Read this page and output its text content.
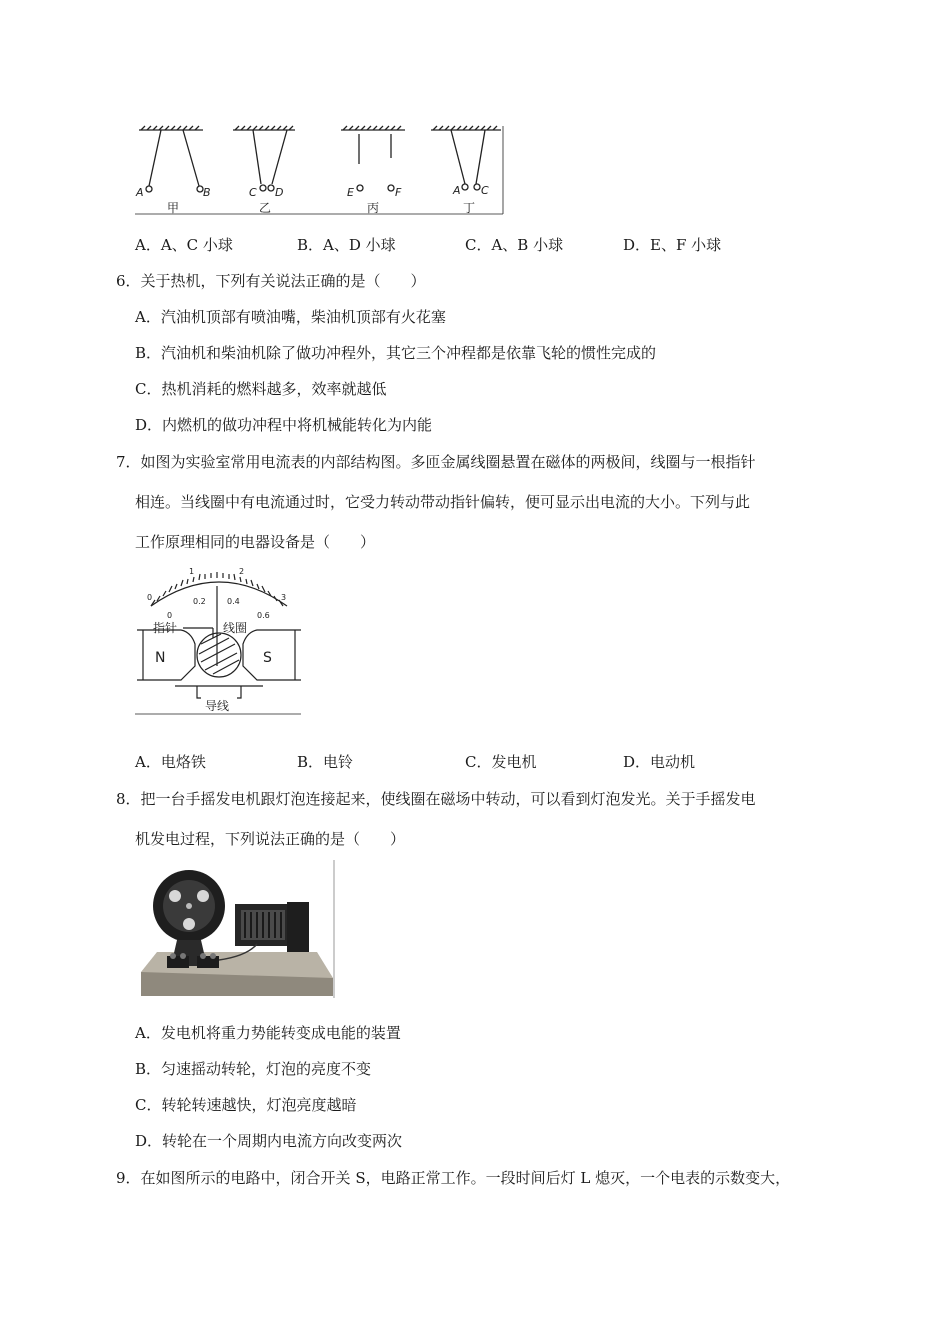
A	B	C D	E	F	A C
甲	乙	丙	丁
A．A、C 小球	B．A、D 小球	C．A、B 小球	D．E、F 小球
6．关于热机，下列有关说法正确的是（　　）
A．汽油机顶部有喷油嘴，柴油机顶部有火花塞
B．汽油机和柴油机除了做功冲程外，其它三个冲程都是依靠飞轮的惯性完成的
C．热机消耗的燃料越多，效率就越低
D．内燃机的做功冲程中将机械能转化为内能
7．如图为实验室常用电流表的内部结构图。多匝金属线圈悬置在磁体的两极间，线圈与一根指针
相连。当线圈中有电流通过时，它受力转动带动指针偏转，便可显示出电流的大小。下列与此
工作原理相同的电器设备是（　　）
0
1	2
3
0
0.2	0.4
0.6
指针	线圈
N	S
导线
A．电烙铁	B．电铃	C．发电机	D．电动机
8．把一台手摇发电机跟灯泡连接起来，使线圈在磁场中转动，可以看到灯泡发光。关于手摇发电
机发电过程，下列说法正确的是（　　）
A．发电机将重力势能转变成电能的装置
B．匀速摇动转轮，灯泡的亮度不变
C．转轮转速越快，灯泡亮度越暗
D．转轮在一个周期内电流方向改变两次
9．在如图所示的电路中，闭合开关 S，电路正常工作。一段时间后灯 L 熄灭，一个电表的示数变大，
